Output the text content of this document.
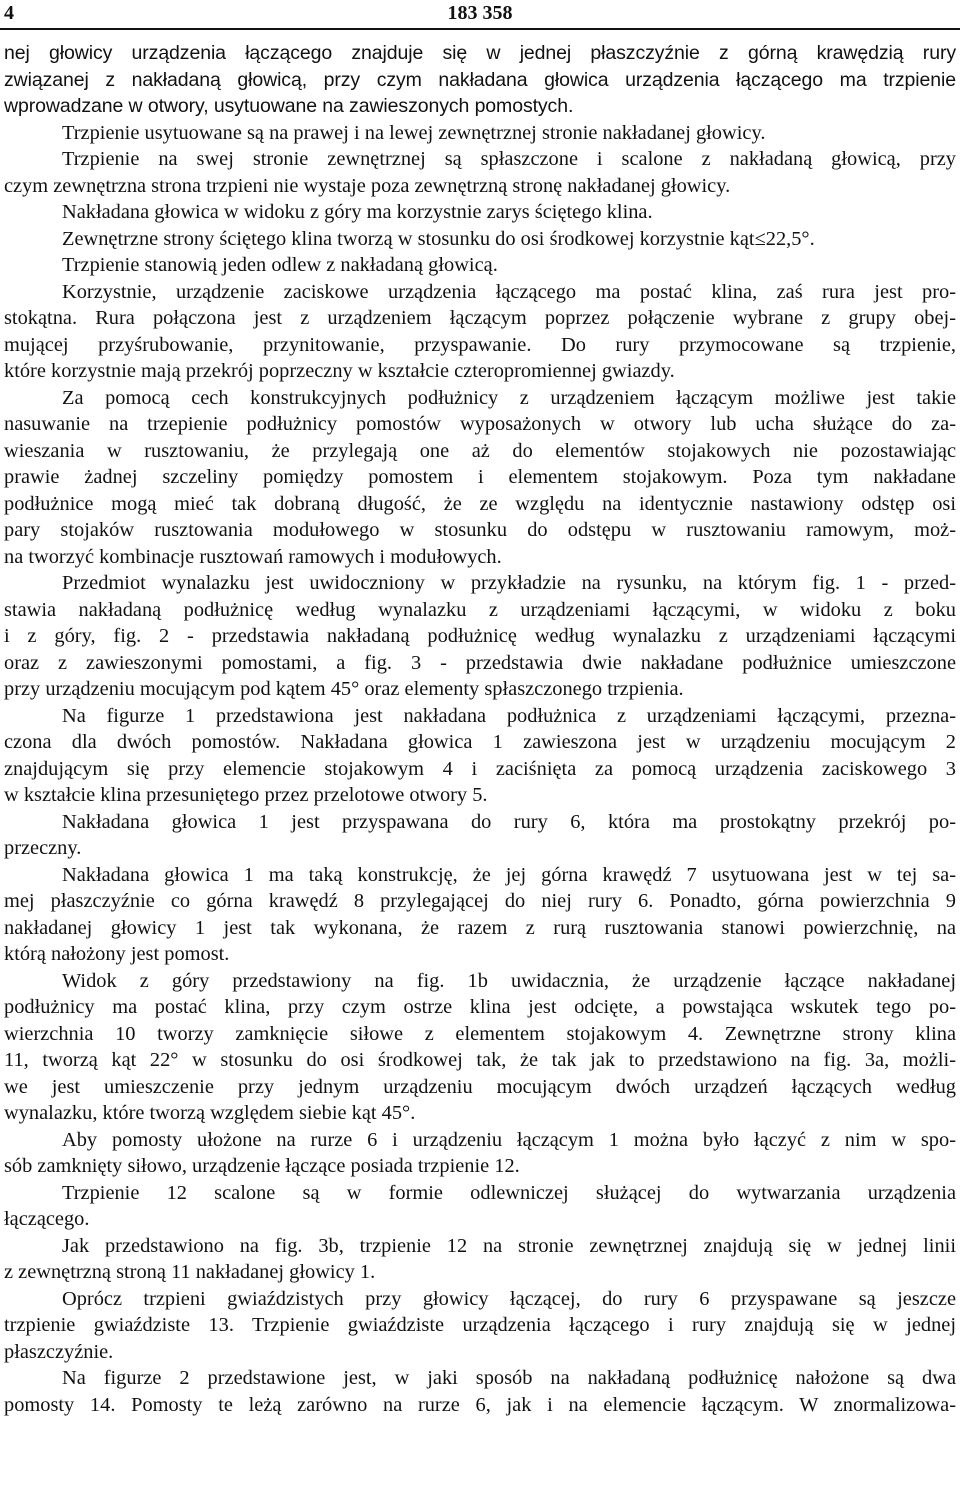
4	183 358
nej głowicy urządzenia łączącego znajduje się w jednej płaszczyźnie z górną krawędzią rury
związanej z nakładaną głowicą, przy czym nakładana głowica urządzenia łączącego ma trzpienie
wprowadzane w otwory, usytuowane na zawieszonych pomostych.
Trzpienie usytuowane są na prawej i na lewej zewnętrznej stronie nakładanej głowicy.
Trzpienie na swej stronie zewnętrznej są spłaszczone i scalone z nakładaną głowicą, przy
czym zewnętrzna strona trzpieni nie wystaje poza zewnętrzną stronę nakładanej głowicy.
Nakładana głowica w widoku z góry ma korzystnie zarys ściętego klina.
Zewnętrzne strony ściętego klina tworzą w stosunku do osi środkowej korzystnie kąt≤22,5°.
Trzpienie stanowią jeden odlew z nakładaną głowicą.
Korzystnie, urządzenie zaciskowe urządzenia łączącego ma postać klina, zaś rura jest pro-
stokątna. Rura połączona jest z urządzeniem łączącym poprzez połączenie wybrane z grupy obej-
mującej przyśrubowanie, przynitowanie, przyspawanie. Do rury przymocowane są trzpienie,
które korzystnie mają przekrój poprzeczny w kształcie czteropromiennej gwiazdy.
Za pomocą cech konstrukcyjnych podłużnicy z urządzeniem łączącym możliwe jest takie
nasuwanie na trzepienie podłużnicy pomostów wyposażonych w otwory lub ucha służące do za-
wieszania w rusztowaniu, że przylegają one aż do elementów stojakowych nie pozostawiając
prawie żadnej szczeliny pomiędzy pomostem i elementem stojakowym. Poza tym nakładane
podłużnice mogą mieć tak dobraną długość, że ze względu na identycznie nastawiony odstęp osi
pary stojaków rusztowania modułowego w stosunku do odstępu w rusztowaniu ramowym, moż-
na tworzyć kombinacje rusztowań ramowych i modułowych.
Przedmiot wynalazku jest uwidoczniony w przykładzie na rysunku, na którym fig. 1 - przed-
stawia nakładaną podłużnicę według wynalazku z urządzeniami łączącymi, w widoku z boku
i z góry, fig. 2 - przedstawia nakładaną podłużnicę według wynalazku z urządzeniami łączącymi
oraz z zawieszonymi pomostami, a fig. 3 - przedstawia dwie nakładane podłużnice umieszczone
przy urządzeniu mocującym pod kątem 45° oraz elementy spłaszczonego trzpienia.
Na figurze 1 przedstawiona jest nakładana podłużnica z urządzeniami łączącymi, przezna-
czona dla dwóch pomostów. Nakładana głowica 1 zawieszona jest w urządzeniu mocującym 2
znajdującym się przy elemencie stojakowym 4 i zaciśnięta za pomocą urządzenia zaciskowego 3
w kształcie klina przesuniętego przez przelotowe otwory 5.
Nakładana głowica 1 jest przyspawana do rury 6, która ma prostokątny przekrój po-
przeczny.
Nakładana głowica 1 ma taką konstrukcję, że jej górna krawędź 7 usytuowana jest w tej sa-
mej płaszczyźnie co górna krawędź 8 przylegającej do niej rury 6. Ponadto, górna powierzchnia 9
nakładanej głowicy 1 jest tak wykonana, że razem z rurą rusztowania stanowi powierzchnię, na
którą nałożony jest pomost.
Widok z góry przedstawiony na fig. 1b uwidacznia, że urządzenie łączące nakładanej
podłużnicy ma postać klina, przy czym ostrze klina jest odcięte, a powstająca wskutek tego po-
wierzchnia 10 tworzy zamknięcie siłowe z elementem stojakowym 4. Zewnętrzne strony klina
11, tworzą kąt 22° w stosunku do osi środkowej tak, że tak jak to przedstawiono na fig. 3a, możli-
we jest umieszczenie przy jednym urządzeniu mocującym dwóch urządzeń łączących według
wynalazku, które tworzą względem siebie kąt 45°.
Aby pomosty ułożone na rurze 6 i urządzeniu łączącym 1 można było łączyć z nim w spo-
sób zamknięty siłowo, urządzenie łączące posiada trzpienie 12.
Trzpienie 12 scalone są w formie odlewniczej służącej do wytwarzania urządzenia
łączącego.
Jak przedstawiono na fig. 3b, trzpienie 12 na stronie zewnętrznej znajdują się w jednej linii
z zewnętrzną stroną 11 nakładanej głowicy 1.
Oprócz trzpieni gwiaździstych przy głowicy łączącej, do rury 6 przyspawane są jeszcze
trzpienie gwiaździste 13. Trzpienie gwiaździste urządzenia łączącego i rury znajdują się w jednej
płaszczyźnie.
Na figurze 2 przedstawione jest, w jaki sposób na nakładaną podłużnicę nałożone są dwa
pomosty 14. Pomosty te leżą zarówno na rurze 6, jak i na elemencie łączącym. W znormalizowa-
